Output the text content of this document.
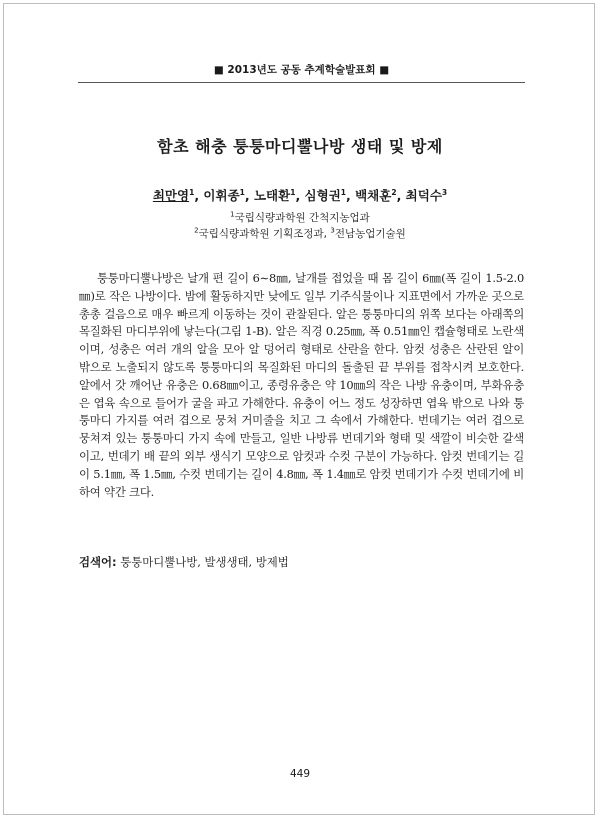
■ 2013년도 공동 추계학술발표회 ■
함초 해충 퉁퉁마디뿔나방 생태 및 방제
최만영$^1$, 이휘종$^1$, 노태환$^1$, 심형권$^1$, 백채훈$^2$, 최덕수$^3$
$^1$국립식량과학원 간척지농업과
$^2$국립식량과학원 기획조정과, $^3$전남농업기술원
퉁퉁마디뿔나방은 날개 편 길이 6∼8㎜, 날개를 접었을 때 몸 길이 6㎜(폭 길이 1.5-2.0㎜)로 작은 나방이다. 밤에 활동하지만 낮에도 일부 기주식물이나 지표면에서 가까운 곳으로 총총 걸음으로 매우 빠르게 이동하는 것이 관찰된다. 알은 퉁퉁마디의 위쪽 보다는 아래쪽의 목질화된 마디부위에 낳는다(그림 1-B). 알은 직경 0.25㎜, 폭 0.51㎜인 캡슐형태로 노란색이며, 성충은 여러 개의 알을 모아 알 덩어리 형태로 산란을 한다. 암컷 성충은 산란된 알이 밖으로 노출되지 않도록 퉁퉁마디의 목질화된 마디의 돌출된 끝 부위를 접착시켜 보호한다. 알에서 갓 깨어난 유충은 0.68㎜이고, 종령유충은 약 10㎜의 작은 나방 유충이며, 부화유충은 엽육 속으로 들어가 굴을 파고 가해한다. 유충이 어느 정도 성장하면 엽육 밖으로 나와 퉁퉁마디 가지를 여러 겹으로 뭉쳐 거미줄을 치고 그 속에서 가해한다. 번데기는 여러 겹으로 뭉쳐져 있는 퉁퉁마디 가지 속에 만들고, 일반 나방류 번데기와 형태 및 색깔이 비슷한 갈색이고, 번데기 배 끝의 외부 생식기 모양으로 암컷과 수컷 구분이 가능하다. 암컷 번데기는 길이 5.1㎜, 폭 1.5㎜, 수컷 번데기는 길이 4.8㎜, 폭 1.4㎜로 암컷 번데기가 수컷 번데기에 비하여 약간 크다.
검색어: 퉁퉁마디뿔나방, 발생생태, 방제법
449
